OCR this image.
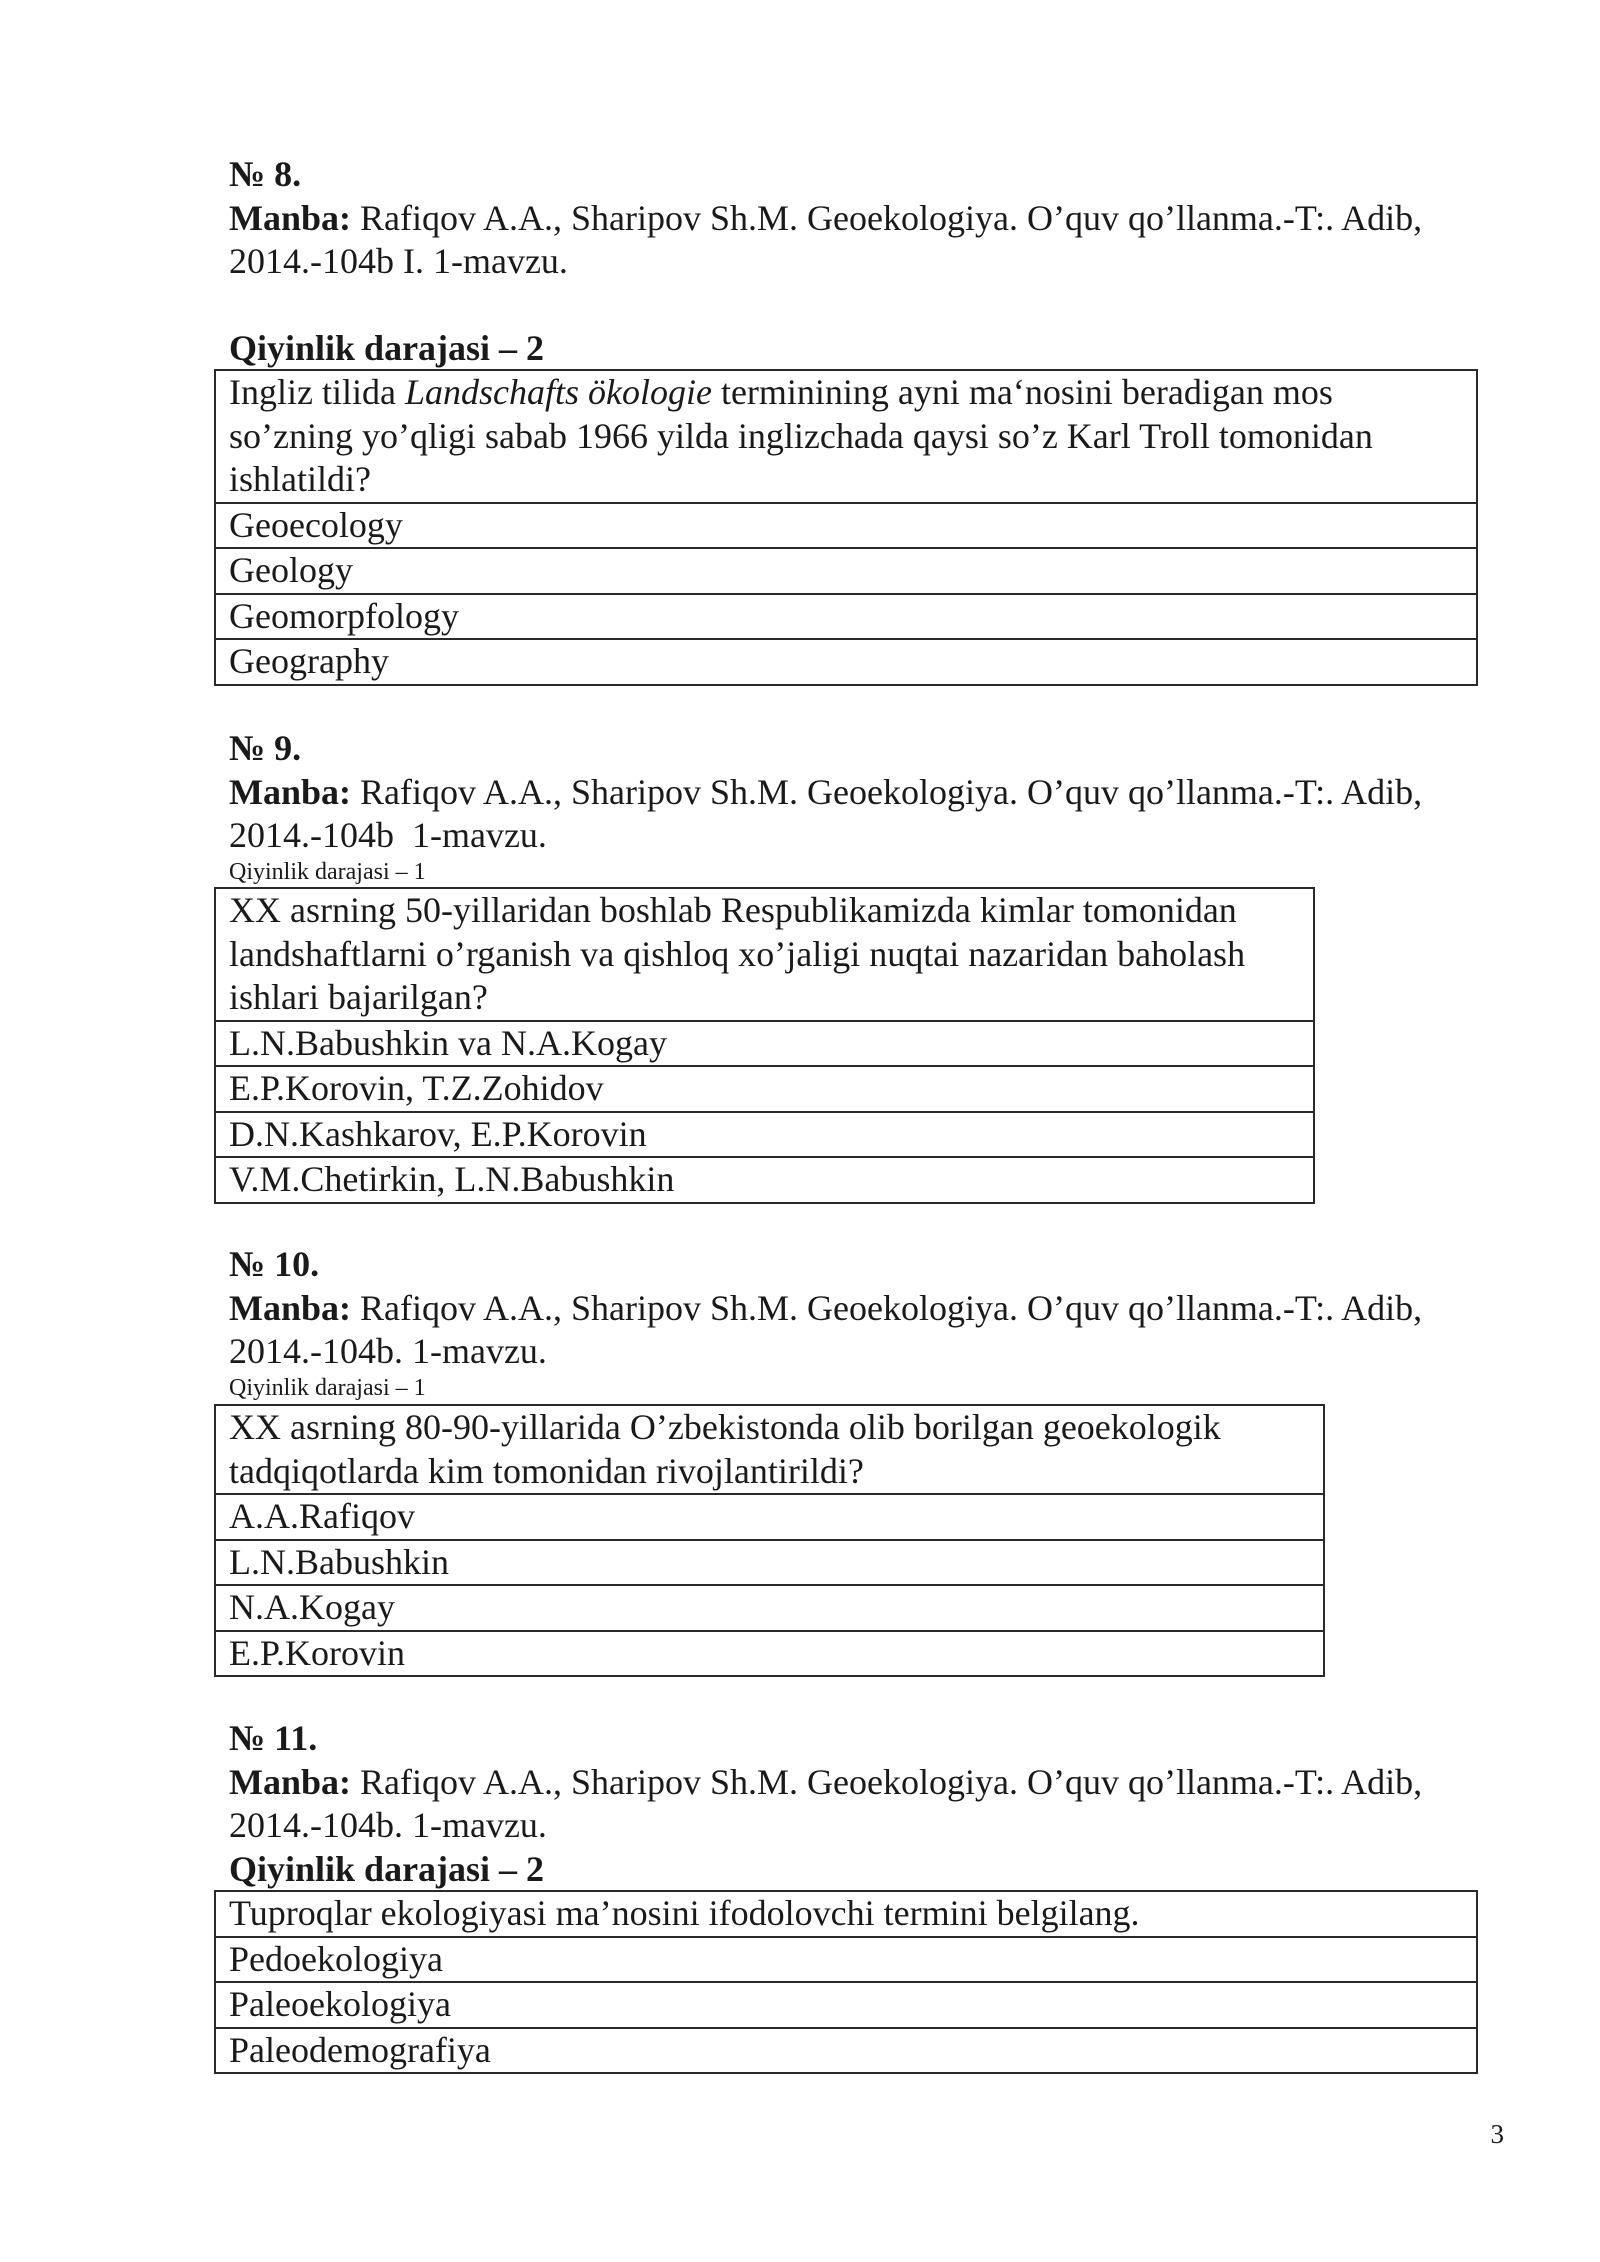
№ 8.

Manba: Rafiqov A.A., Sharipov Sh.M. Geoekologiya. O’quv qo’llanma.-T:. Adib,

2014.-104b I. 1-mavzu.

Qiyinlik darajasi – 2

Ingliz tilida Landschafts ökologie terminining ayni ma‘nosini beradigan mos
so’zning yo’qligi sabab 1966 yilda inglizchada qaysi so’z Karl Troll tomonidan
ishlatildi?
Geoecology
Geology
Geomorpfology
Geography

№ 9.

Manba: Rafiqov A.A., Sharipov Sh.M. Geoekologiya. O’quv qo’llanma.-T:. Adib,

2014.-104b  1-mavzu.

Qiyinlik darajasi – 1

XX asrning 50-yillaridan boshlab Respublikamizda kimlar tomonidan
landshaftlarni o’rganish va qishloq xo’jaligi nuqtai nazaridan baholash
ishlari bajarilgan?
L.N.Babushkin va N.A.Kogay
E.P.Korovin, T.Z.Zohidov
D.N.Kashkarov, E.P.Korovin
V.M.Chetirkin, L.N.Babushkin

№ 10.

Manba: Rafiqov A.A., Sharipov Sh.M. Geoekologiya. O’quv qo’llanma.-T:. Adib,

2014.-104b. 1-mavzu.

Qiyinlik darajasi – 1

XX asrning 80-90-yillarida O’zbekistonda olib borilgan geoekologik
tadqiqotlarda kim tomonidan rivojlantirildi?
A.A.Rafiqov
L.N.Babushkin
N.A.Kogay
E.P.Korovin

№ 11.

Manba: Rafiqov A.A., Sharipov Sh.M. Geoekologiya. O’quv qo’llanma.-T:. Adib,

2014.-104b. 1-mavzu.

Qiyinlik darajasi – 2

Tuproqlar ekologiyasi ma’nosini ifodolovchi termini belgilang.
Pedoekologiya
Paleoekologiya
Paleodemografiya
3
